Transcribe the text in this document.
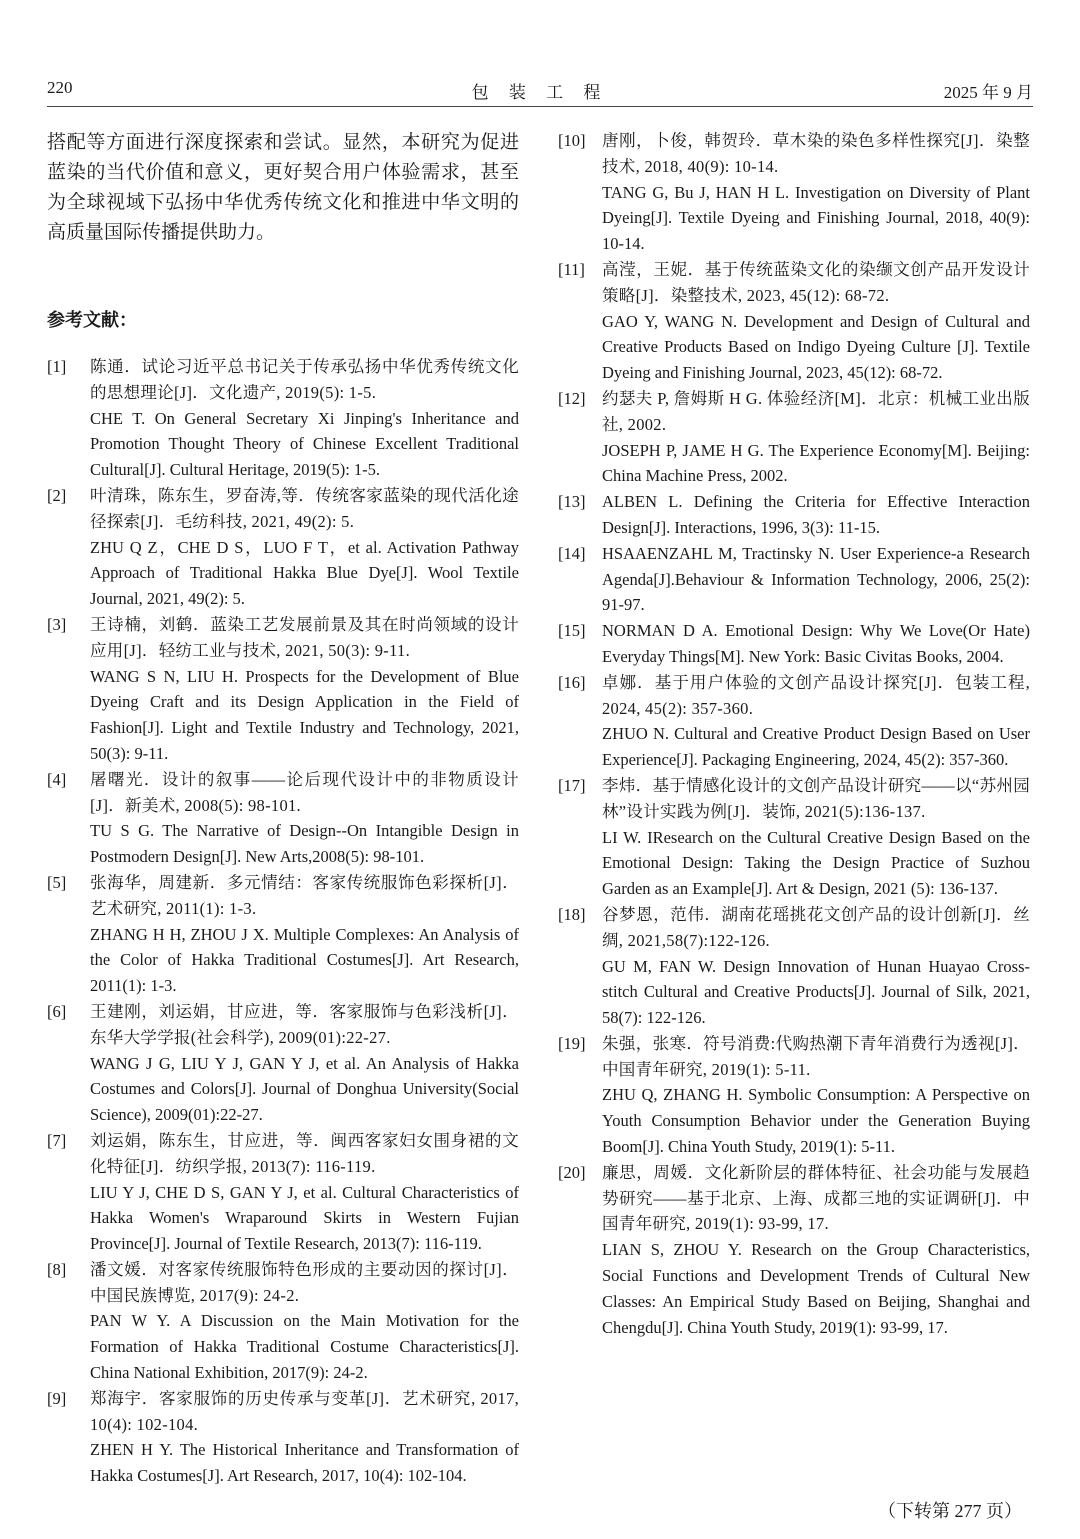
220	包 装 工 程	2025 年 9 月

搭配等方面进行深度探索和尝试。显然，本研究为促进蓝染的当代价值和意义，更好契合用户体验需求，甚至为全球视域下弘扬中华优秀传统文化和推进中华文明的高质量国际传播提供助力。

参考文献：
[1] 陈通．试论习近平总书记关于传承弘扬中华优秀传统文化的思想理论[J]．文化遗产, 2019(5): 1-5.
CHE T. On General Secretary Xi Jinping's Inheritance and Promotion Thought Theory of Chinese Excellent Traditional Cultural[J]. Cultural Heritage, 2019(5): 1-5.
[2] 叶清珠，陈东生，罗奋涛,等．传统客家蓝染的现代活化途径探索[J]．毛纺科技, 2021, 49(2): 5.
ZHU Q Z，CHE D S，LUO F T，et al. Activation Pathway Approach of Traditional Hakka Blue Dye[J]. Wool Textile Journal, 2021, 49(2): 5.
[3] 王诗楠，刘鹤．蓝染工艺发展前景及其在时尚领域的设计应用[J]．轻纺工业与技术, 2021, 50(3): 9-11.
WANG S N, LIU H. Prospects for the Development of Blue Dyeing Craft and its Design Application in the Field of Fashion[J]. Light and Textile Industry and Technology, 2021, 50(3): 9-11.
[4] 屠曙光．设计的叙事——论后现代设计中的非物质设计[J]．新美术, 2008(5): 98-101.
TU S G. The Narrative of Design--On Intangible Design in Postmodern Design[J]. New Arts,2008(5): 98-101.
[5] 张海华，周建新．多元情结：客家传统服饰色彩探析[J]．艺术研究, 2011(1): 1-3.
ZHANG H H, ZHOU J X. Multiple Complexes: An Analysis of the Color of Hakka Traditional Costumes[J]. Art Research, 2011(1): 1-3.
[6] 王建刚，刘运娟，甘应进，等．客家服饰与色彩浅析[J]．东华大学学报(社会科学), 2009(01):22-27.
WANG J G, LIU Y J, GAN Y J, et al. An Analysis of Hakka Costumes and Colors[J]. Journal of Donghua University(Social Science), 2009(01):22-27.
[7] 刘运娟，陈东生，甘应进，等．闽西客家妇女围身裙的文化特征[J]．纺织学报, 2013(7): 116-119.
LIU Y J, CHE D S, GAN Y J, et al. Cultural Characteristics of Hakka Women's Wraparound Skirts in Western Fujian Province[J]. Journal of Textile Research, 2013(7): 116-119.
[8] 潘文媛．对客家传统服饰特色形成的主要动因的探讨[J]．中国民族博览, 2017(9): 24-2.
PAN W Y. A Discussion on the Main Motivation for the Formation of Hakka Traditional Costume Characteristics[J]. China National Exhibition, 2017(9): 24-2.
[9] 郑海宇．客家服饰的历史传承与变革[J]．艺术研究, 2017, 10(4): 102-104.
ZHEN H Y. The Historical Inheritance and Transformation of Hakka Costumes[J]. Art Research, 2017, 10(4): 102-104.
[10] 唐刚，卜俊，韩贺玲．草木染的染色多样性探究[J]．染整技术, 2018, 40(9): 10-14.
TANG G, Bu J, HAN H L. Investigation on Diversity of Plant Dyeing[J]. Textile Dyeing and Finishing Journal, 2018, 40(9): 10-14.
[11] 高滢，王妮．基于传统蓝染文化的染缬文创产品开发设计策略[J]．染整技术, 2023, 45(12): 68-72.
GAO Y, WANG N. Development and Design of Cultural and Creative Products Based on Indigo Dyeing Culture [J]. Textile Dyeing and Finishing Journal, 2023, 45(12): 68-72.
[12] 约瑟夫 P, 詹姆斯 H G. 体验经济[M]．北京：机械工业出版社, 2002.
JOSEPH P, JAME H G. The Experience Economy[M]. Beijing: China Machine Press, 2002.
[13] ALBEN L. Defining the Criteria for Effective Interaction Design[J]. Interactions, 1996, 3(3): 11-15.
[14] HSAAENZAHL M, Tractinsky N. User Experience-a Research Agenda[J].Behaviour & Information Technology, 2006, 25(2): 91-97.
[15] NORMAN D A. Emotional Design: Why We Love(Or Hate) Everyday Things[M]. New York: Basic Civitas Books, 2004.
[16] 卓娜．基于用户体验的文创产品设计探究[J]．包装工程, 2024, 45(2): 357-360.
ZHUO N. Cultural and Creative Product Design Based on User Experience[J]. Packaging Engineering, 2024, 45(2): 357-360.
[17] 李炜．基于情感化设计的文创产品设计研究——以“苏州园林”设计实践为例[J]．装饰, 2021(5):136-137.
LI W. IResearch on the Cultural Creative Design Based on the Emotional Design: Taking the Design Practice of Suzhou Garden as an Example[J]. Art & Design, 2021 (5): 136-137.
[18] 谷梦恩，范伟．湖南花瑶挑花文创产品的设计创新[J]．丝绸, 2021,58(7):122-126.
GU M, FAN W. Design Innovation of Hunan Huayao Cross-stitch Cultural and Creative Products[J]. Journal of Silk, 2021, 58(7): 122-126.
[19] 朱强，张寒．符号消费:代购热潮下青年消费行为透视[J]．中国青年研究, 2019(1): 5-11.
ZHU Q, ZHANG H. Symbolic Consumption: A Perspective on Youth Consumption Behavior under the Generation Buying Boom[J]. China Youth Study, 2019(1): 5-11.
[20] 廉思，周媛．文化新阶层的群体特征、社会功能与发展趋势研究——基于北京、上海、成都三地的实证调研[J]．中国青年研究, 2019(1): 93-99, 17.
LIAN S, ZHOU Y. Research on the Group Characteristics, Social Functions and Development Trends of Cultural New Classes: An Empirical Study Based on Beijing, Shanghai and Chengdu[J]. China Youth Study, 2019(1): 93-99, 17.
（下转第 277 页）
